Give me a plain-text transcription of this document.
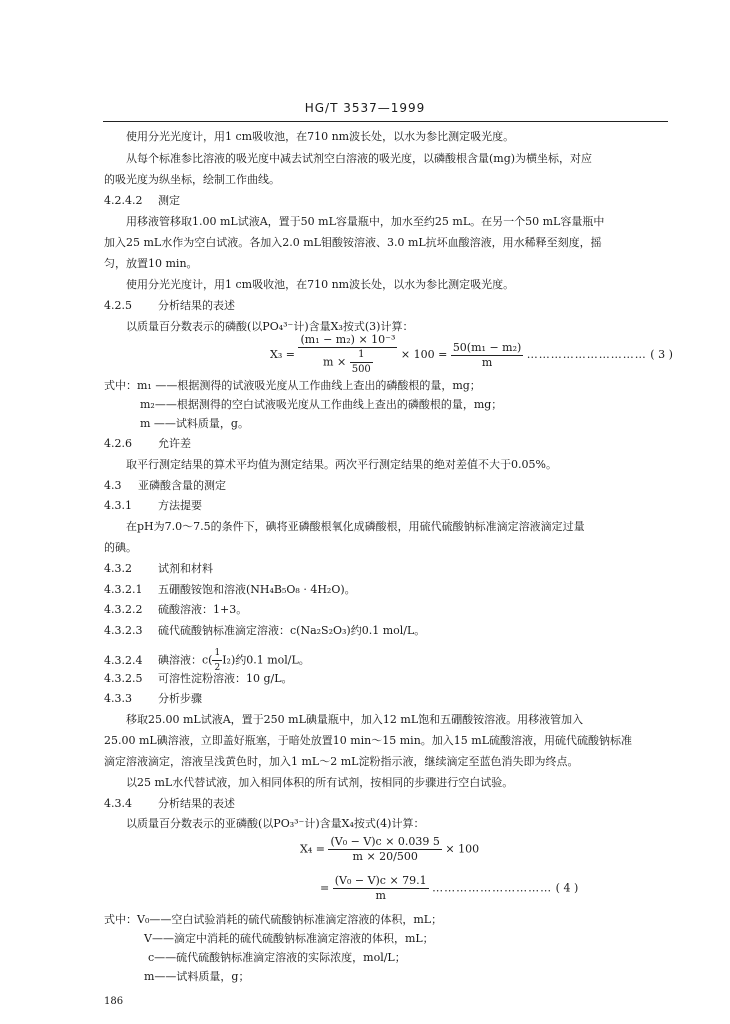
HG/T 3537—1999
使用分光光度计，用1 cm吸收池，在710 nm波长处，以水为参比测定吸光度。
从每个标准参比溶液的吸光度中减去试剂空白溶液的吸光度，以磷酸根含量(mg)为横坐标，对应
的吸光度为纵坐标，绘制工作曲线。
4.2.4.2 测定
用移液管移取1.00 mL试液A，置于50 mL容量瓶中，加水至约25 mL。在另一个50 mL容量瓶中
加入25 mL水作为空白试液。各加入2.0 mL钼酸铵溶液、3.0 mL抗坏血酸溶液，用水稀释至刻度，摇
匀，放置10 min。
使用分光光度计，用1 cm吸收池，在710 nm波长处，以水为参比测定吸光度。
4.2.5 分析结果的表述
以质量百分数表示的磷酸(以PO₄³⁻计)含量X₃按式(3)计算：
$X_3 = \frac{\text{(m₁ − m₂) × 10⁻³}}{m \times \frac{1}{500}} \times 100 = \frac{\text{50(m₁ − m₂)}}{m}$ ………………………… ( 3 )
式中：m₁ ——根据测得的试液吸光度从工作曲线上查出的磷酸根的量，mg；
m₂——根据测得的空白试液吸光度从工作曲线上查出的磷酸根的量，mg；
m ——试料质量，g。
4.2.6 允许差
取平行测定结果的算术平均值为测定结果。两次平行测定结果的绝对差值不大于0.05%。
4.3 亚磷酸含量的测定
4.3.1 方法提要
在pH为7.0～7.5的条件下，碘将亚磷酸根氧化成磷酸根，用硫代硫酸钠标准滴定溶液滴定过量
的碘。
4.3.2 试剂和材料
4.3.2.1 五硼酸铵饱和溶液(NH₄B₅O₈ · 4H₂O)。
4.3.2.2 硫酸溶液：1+3。
4.3.2.3 硫代硫酸钠标准滴定溶液：c(Na₂S₂O₃)约0.1 mol/L。
4.3.2.4 碘溶液：$c( \frac{1}{2} I_2)$约0.1 mol/L。
4.3.2.5 可溶性淀粉溶液：10 g/L。
4.3.3 分析步骤
移取25.00 mL试液A，置于250 mL碘量瓶中，加入12 mL饱和五硼酸铵溶液。用移液管加入
25.00 mL碘溶液，立即盖好瓶塞，于暗处放置10 min～15 min。加入15 mL硫酸溶液，用硫代硫酸钠标准
滴定溶液滴定，溶液呈浅黄色时，加入1 mL～2 mL淀粉指示液，继续滴定至蓝色消失即为终点。
以25 mL水代替试液，加入相同体积的所有试剂，按相同的步骤进行空白试验。
4.3.4 分析结果的表述
以质量百分数表示的亚磷酸(以PO₃³⁻计)含量X₄按式(4)计算：
$X_4 = \frac{\text{(V₀ − V)c × 0.039 5}}{m \times 20/500} \times 100$
= $\frac{\text{(V₀ − V)c × 79.1}}{m}$ ………………………… ( 4 )
式中：V₀——空白试验消耗的硫代硫酸钠标准滴定溶液的体积，mL；
V——滴定中消耗的硫代硫酸钠标准滴定溶液的体积，mL；
c——硫代硫酸钠标准滴定溶液的实际浓度，mol/L；
m——试料质量，g；
186
